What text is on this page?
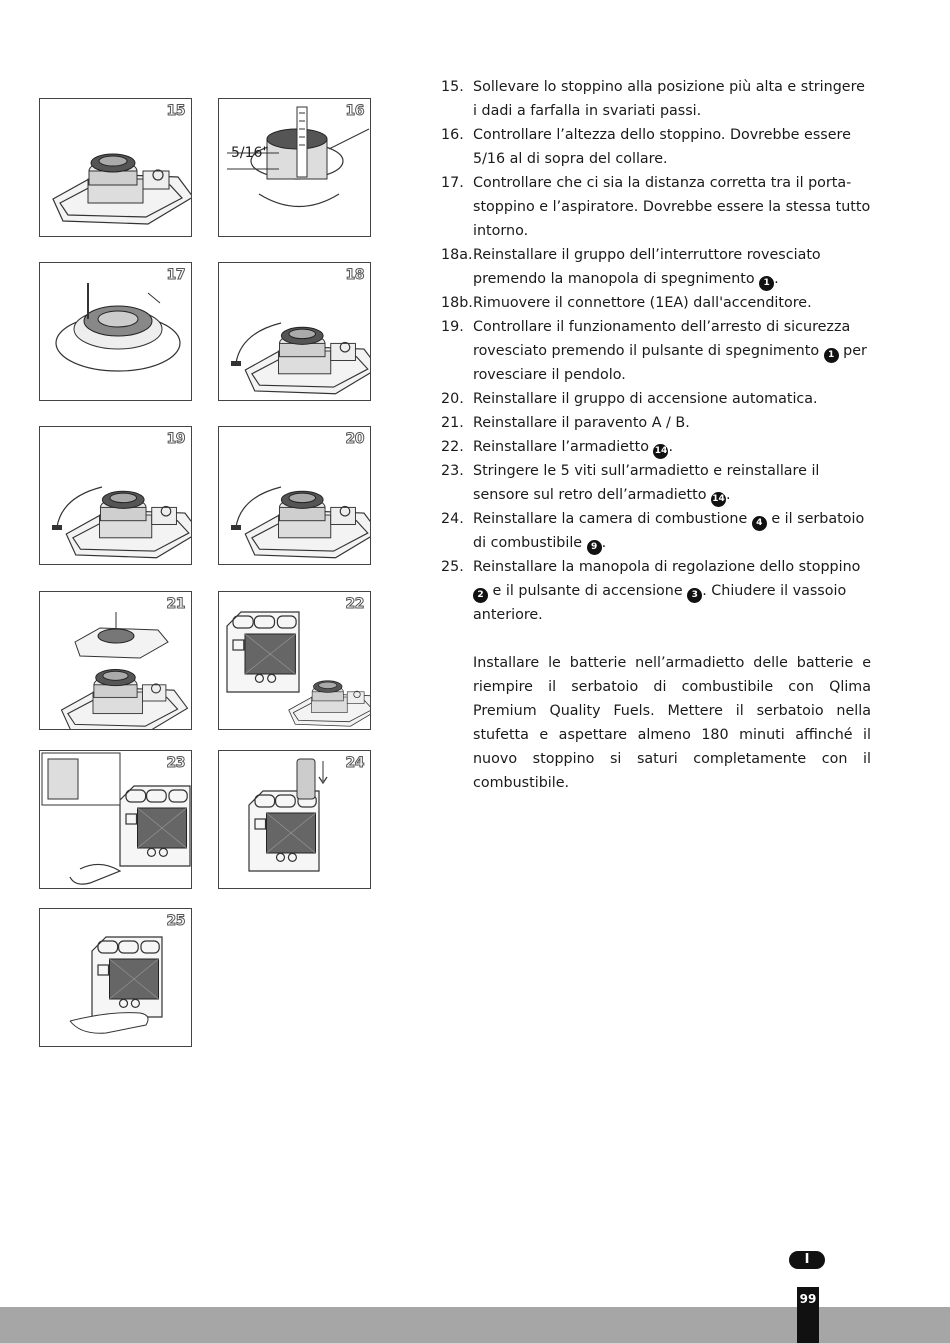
15
5/16"
16
17	18
19	20
21	22
23	24
25
15. Sollevare lo stoppino alla posizione più alta e stringere i dadi a farfalla in svariati passi.
16. Controllare l’altezza dello stoppino. Dovrebbe essere 5/16 al di sopra del collare.
17. Controllare che ci sia la distanza corretta tra il porta-stoppino e l’aspiratore. Dovrebbe essere la stessa tutto intorno.
18a. Reinstallare il gruppo dell’interruttore rovesciato premendo la manopola di spegnimento 1 .
18b. Rimuovere il connettore (1EA) dall'accenditore.
19. Controllare il funzionamento dell’arresto di sicurezza rovesciato premendo il pulsante di spegnimento 1 per rovesciare il pendolo.
20. Reinstallare il gruppo di accensione automatica.
21. Reinstallare il paravento A / B.
22. Reinstallare l’armadietto 14.
23. Stringere le 5 viti sull’armadietto e reinstallare il sensore sul retro dell’armadietto 14.
24. Reinstallare la camera di combustione 4 e il serbatoio di combustibile 9 .
25. Reinstallare la manopola di regolazione dello stoppino 2 e il pulsante di accensione 3 . Chiudere il vassoio anteriore.
Installare le batterie nell’armadietto delle batterie e riempire il serbatoio di combustibile con Qlima Premium Quality Fuels. Mettere il serbatoio nella stufetta e aspettare almeno 180 minuti affinché il nuovo stoppino si saturi completamente con il combustibile.
I
99
